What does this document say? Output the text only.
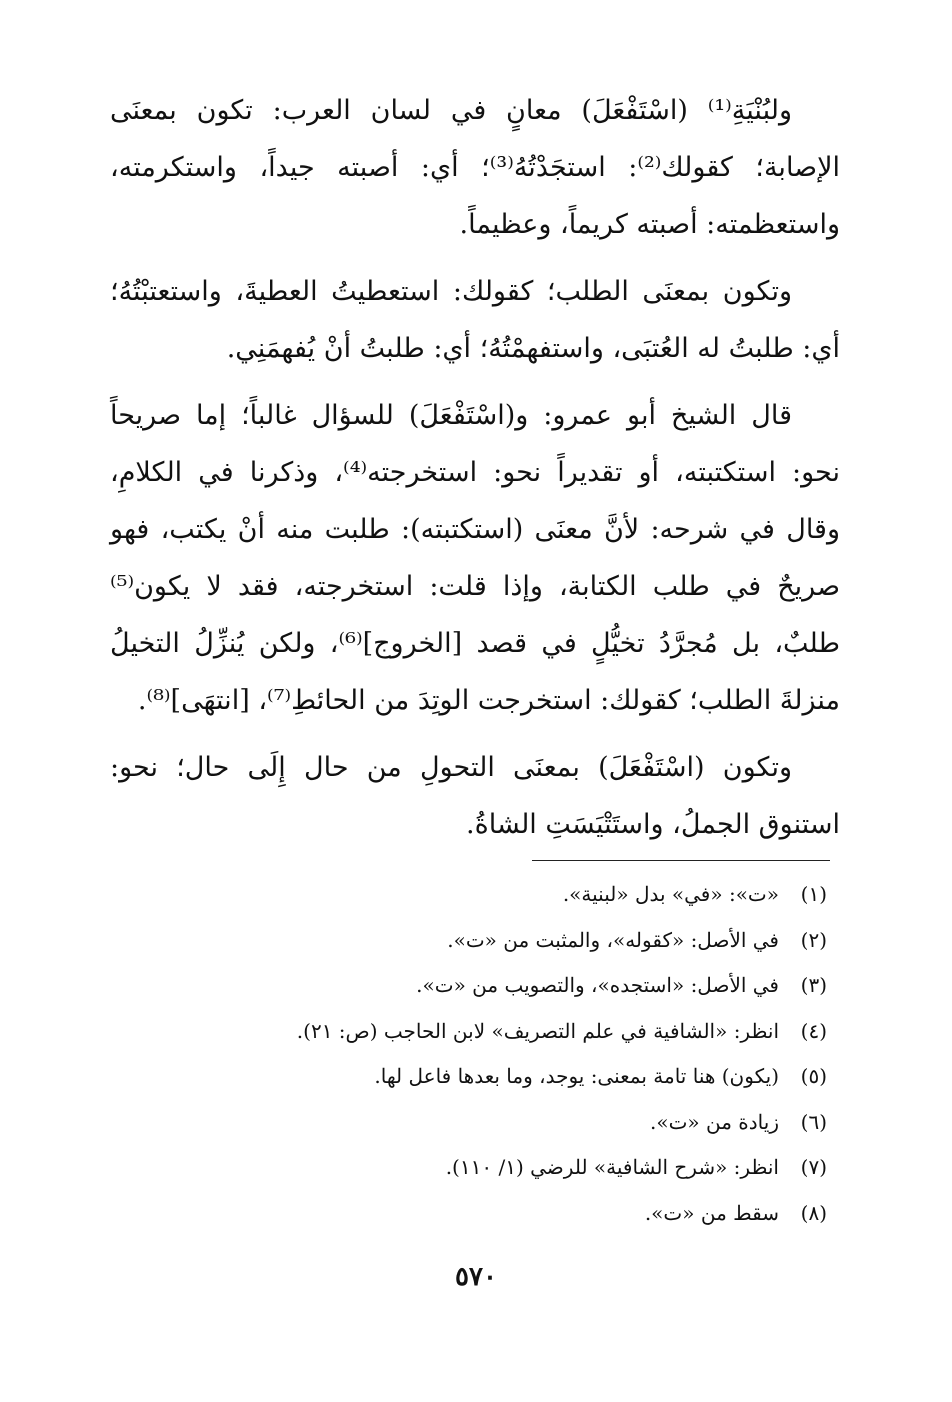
ولبُنْيَةِ⁽¹⁾ (اسْتَفْعَلَ) معانٍ في لسان العرب: تكون بمعنَى الإصابة؛ كقولك⁽²⁾: استجَدْتُهُ⁽³⁾؛ أي: أصبته جيداً، واستكرمته، واستعظمته: أصبته كريماً، وعظيماً.

وتكون بمعنَى الطلب؛ كقولك: استعطيتُ العطيةَ، واستعتبْتُهُ؛ أي: طلبتُ له العُتبَى، واستفهمْتُهُ؛ أي: طلبتُ أنْ يُفهمَنِي.

قال الشيخ أبو عمرو: و(اسْتَفْعَلَ) للسؤال غالباً؛ إما صريحاً نحو: استكتبته، أو تقديراً نحو: استخرجته⁽⁴⁾، وذكرنا في الكلامِ، وقال في شرحه: لأنَّ معنَى (استكتبته): طلبت منه أنْ يكتب، فهو صريحٌ في طلب الكتابة، وإذا قلت: استخرجته، فقد لا يكون⁽⁵⁾ طلبٌ، بل مُجرَّدُ تخيُّلٍ في قصد [الخروج]⁽⁶⁾، ولكن يُنزِّلُ التخيلُ منزلةَ الطلب؛ كقولك: استخرجت الوتِدَ من الحائطِ⁽⁷⁾، [انتهَى]⁽⁸⁾.

وتكون (اسْتَفْعَلَ) بمعنَى التحولِ من حال إِلَى حال؛ نحو: استنوق الجملُ، واستَتْيَسَتِ الشاةُ.

(١)
«ت»: «في» بدل «لبنية».
(٢)
في الأصل: «كقوله»، والمثبت من «ت».
(٣)
في الأصل: «استجده»، والتصويب من «ت».
(٤)
انظر: «الشافية في علم التصريف» لابن الحاجب (ص: ٢١).
(٥)
(يكون) هنا تامة بمعنى: يوجد، وما بعدها فاعل لها.
(٦)
زيادة من «ت».
(٧)
انظر: «شرح الشافية» للرضي (١/ ١١٠).
(٨)
سقط من «ت».
٥٧٠
